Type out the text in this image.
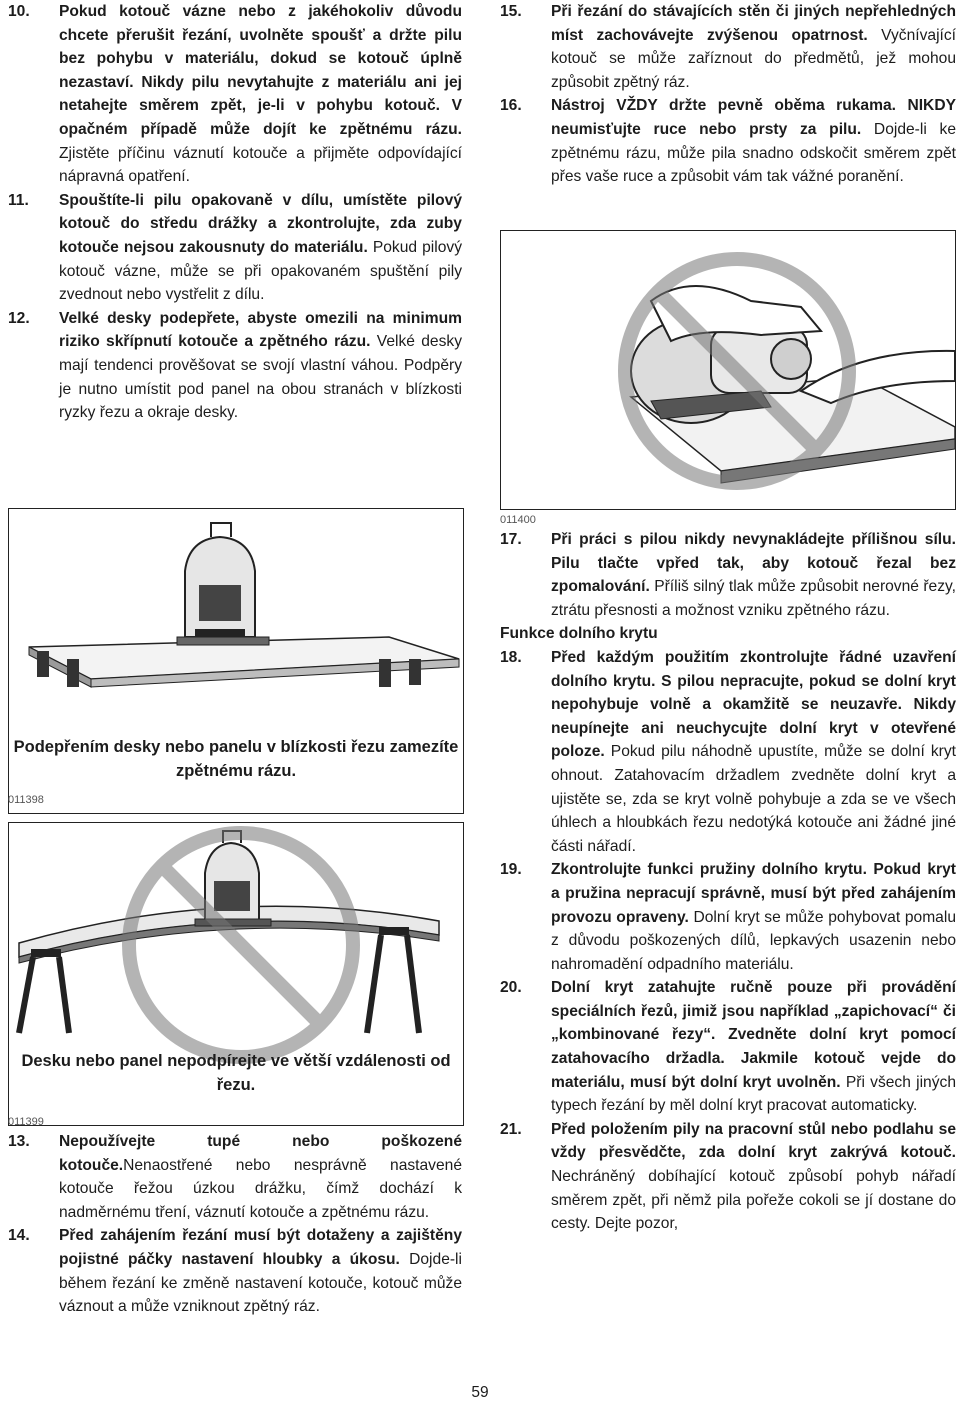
10. Pokud kotouč vázne nebo z jakéhokoliv důvodu chcete přerušit řezání, uvolněte spoušť a držte pilu bez pohybu v materiálu, dokud se kotouč úplně nezastaví. Nikdy pilu nevytahujte z materiálu ani jej netahejte směrem zpět, je-li v pohybu kotouč. V opačném případě může dojít ke zpětnému rázu. Zjistěte příčinu váznutí kotouče a přijměte odpovídající nápravná opatření.
11. Spouštíte-li pilu opakovaně v dílu, umístěte pilový kotouč do středu drážky a zkontrolujte, zda zuby kotouče nejsou zakousnuty do materiálu. Pokud pilový kotouč vázne, může se při opakovaném spuštění pily zvednout nebo vystřelit z dílu.
12. Velké desky podepřete, abyste omezili na minimum riziko skřípnutí kotouče a zpětného rázu. Velké desky mají tendenci prověšovat se svojí vlastní váhou. Podpěry je nutno umístit pod panel na obou stranách v blízkosti ryzky řezu a okraje desky.
Podepřením desky nebo panelu v blízkosti řezu zamezíte zpětnému rázu.
011398
Desku nebo panel nepodpírejte ve větší vzdálenosti od řezu.
011399
13. Nepoužívejte tupé nebo poškozené kotouče.Nenaostřené nebo nesprávně nastavené kotouče řežou úzkou drážku, čímž dochází k nadměrnému tření, váznutí kotouče a zpětnému rázu.
14. Před zahájením řezání musí být dotaženy a zajištěny pojistné páčky nastavení hloubky a úkosu. Dojde-li během řezání ke změně nastavení kotouče, kotouč může váznout a může vzniknout zpětný ráz.
15. Při řezání do stávajících stěn či jiných nepřehledných míst zachovávejte zvýšenou opatrnost. Vyčnívající kotouč se může zaříznout do předmětů, jež mohou způsobit zpětný ráz.
16. Nástroj VŽDY držte pevně oběma rukama. NIKDY neumisťujte ruce nebo prsty za pilu. Dojde-li ke zpětnému rázu, může pila snadno odskočit směrem zpět přes vaše ruce a způsobit vám tak vážné poranění.
011400
17. Při práci s pilou nikdy nevynakládejte přílišnou sílu. Pilu tlačte vpřed tak, aby kotouč řezal bez zpomalování. Příliš silný tlak může způsobit nerovné řezy, ztrátu přesnosti a možnost vzniku zpětného rázu.
Funkce dolního krytu
18. Před každým použitím zkontrolujte řádné uzavření dolního krytu. S pilou nepracujte, pokud se dolní kryt nepohybuje volně a okamžitě se neuzavře. Nikdy neupínejte ani neuchycujte dolní kryt v otevřené poloze. Pokud pilu náhodně upustíte, může se dolní kryt ohnout. Zatahovacím držadlem zvedněte dolní kryt a ujistěte se, zda se kryt volně pohybuje a zda se ve všech úhlech a hloubkách řezu nedotýká kotouče ani žádné jiné části nářadí.
19. Zkontrolujte funkci pružiny dolního krytu. Pokud kryt a pružina nepracují správně, musí být před zahájením provozu opraveny. Dolní kryt se může pohybovat pomalu z důvodu poškozených dílů, lepkavých usazenin nebo nahromadění odpadního materiálu.
20. Dolní kryt zatahujte ručně pouze při provádění speciálních řezů, jimiž jsou například „zapichovací“ či „kombinované řezy“. Zvedněte dolní kryt pomocí zatahovacího držadla. Jakmile kotouč vejde do materiálu, musí být dolní kryt uvolněn. Při všech jiných typech řezání by měl dolní kryt pracovat automaticky.
21. Před položením pily na pracovní stůl nebo podlahu se vždy přesvědčte, zda dolní kryt zakrývá kotouč. Nechráněný dobíhající kotouč způsobí pohyb nářadí směrem zpět, při němž pila pořeže cokoli se jí dostane do cesty. Dejte pozor,
59
